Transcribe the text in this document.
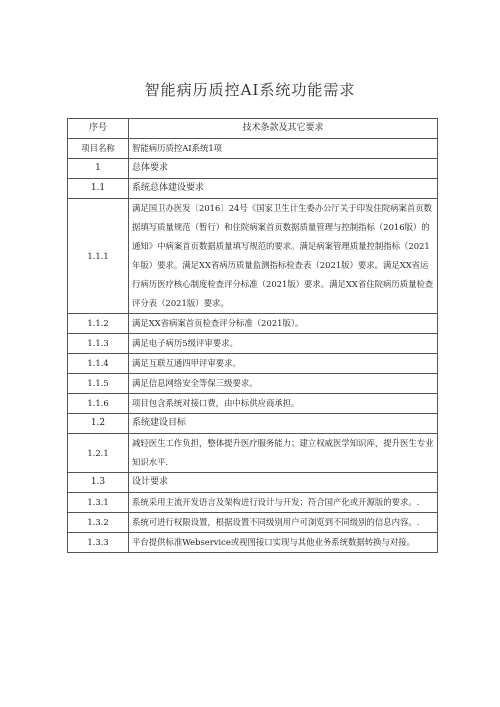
智能病历质控AI系统功能需求
序号	技术条款及其它要求
项目名称	智能病历质控AI系统1项
1	总体要求
1.1	系统总体建设要求
1.1.1	满足国卫办医发〔2016〕24号《国家卫生计生委办公厅关于印发住院病案首页数据填写质量规范（暂行）和住院病案首页数据质量管理与控制指标（2016版）的通知》中病案首页数据质量填写规范的要求。满足病案管理质量控制指标（2021年版）要求。满足XX省病历质量监测指标检查表（2021版）要求。满足XX省运行病历医疗核心制度检查评分标准（2021版）要求。满足XX省住院病历质量检查评分表（2021版）要求。
1.1.2	满足XX省病案首页检查评分标准（2021版）。
1.1.3	满足电子病历5级评审要求。
1.1.4	满足互联互通四甲评审要求。
1.1.5	满足信息网络安全等保三级要求。
1.1.6	项目包含系统对接口费，由中标供应商承担。
1.2	系统建设目标
1.2.1	减轻医生工作负担，整体提升医疗服务能力；建立权威医学知识库，提升医生专业知识水平.
1.3	设计要求
1.3.1	系统采用主流开发语言及架构进行设计与开发；符合国产化或开源版的要求。.
1.3.2	系统可进行权限设置，根据设置不同级别用户可浏览到不同级别的信息内容。.
1.3.3	平台提供标准Webservice或视图接口实现与其他业务系统数据转换与对接。
